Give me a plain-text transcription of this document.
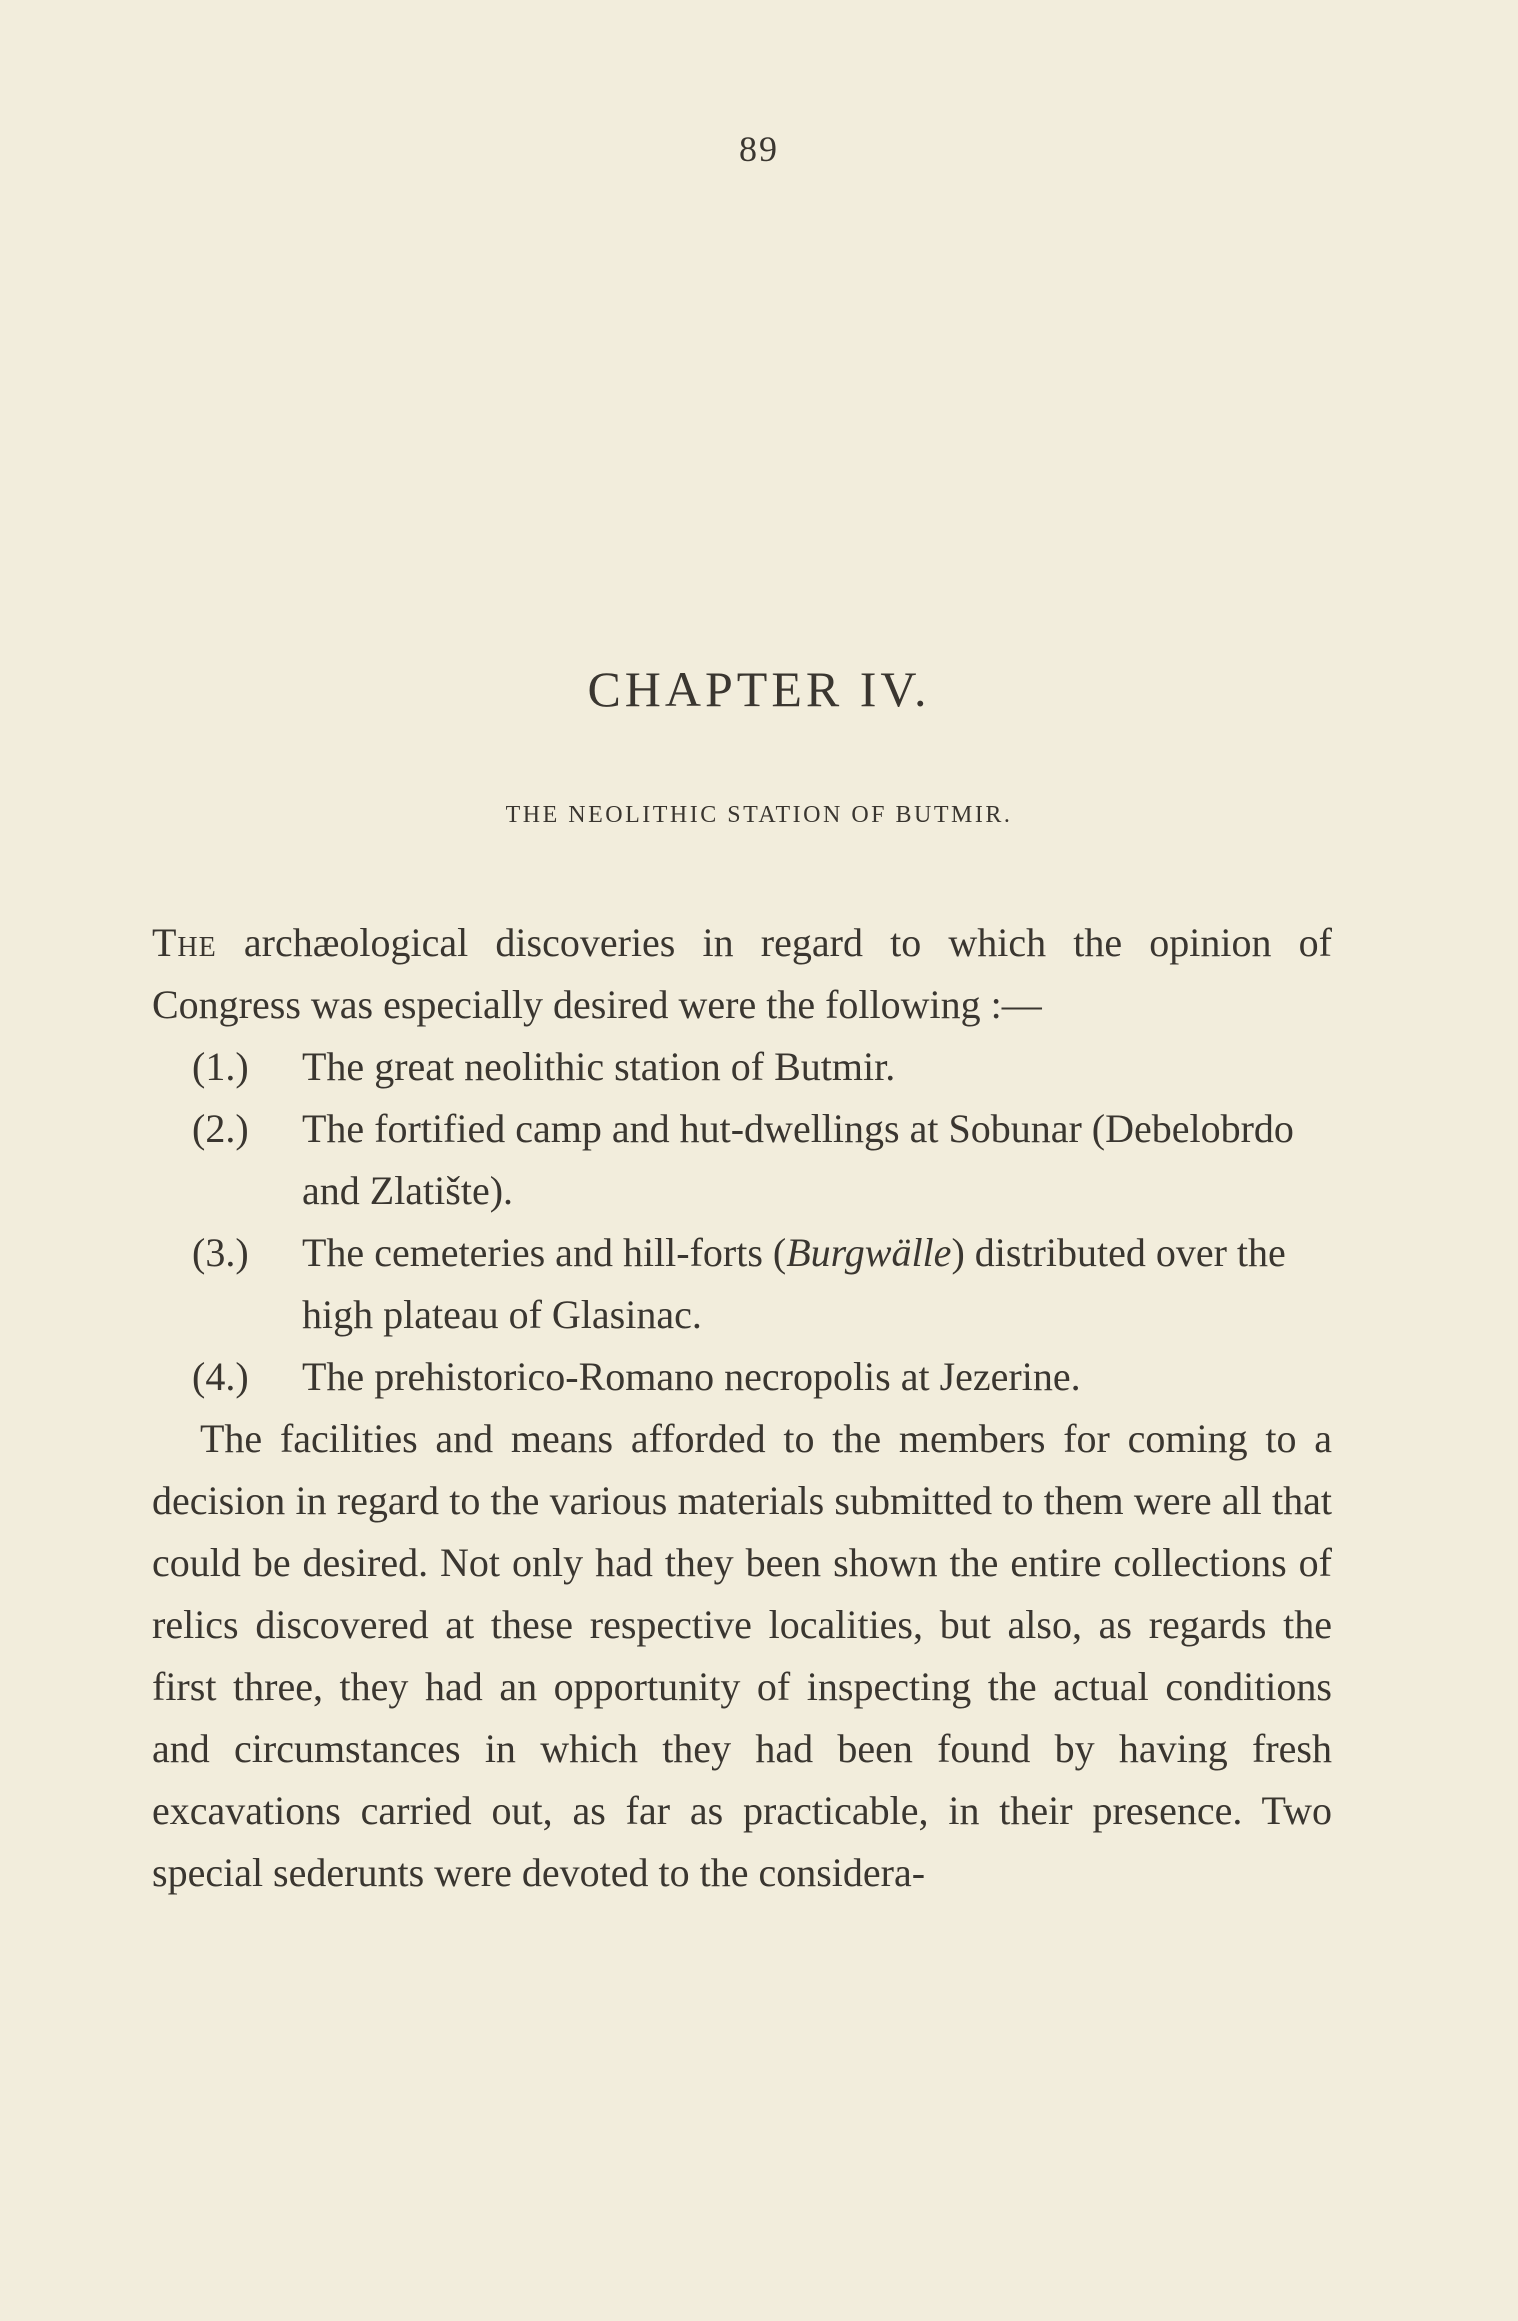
89
CHAPTER IV.
THE NEOLITHIC STATION OF BUTMIR.

The archæological discoveries in regard to which the opinion of Congress was especially desired were the following :—

(1.)	The great neolithic station of Butmir.
(2.)	The fortified camp and hut-dwellings at Sobunar (Debelobrdo and Zlatište).
(3.)	The cemeteries and hill-forts (Burgwälle) distributed over the high plateau of Glasinac.
(4.)	The prehistorico-Romano necropolis at Jezerine.

The facilities and means afforded to the members for coming to a decision in regard to the various materials submitted to them were all that could be desired. Not only had they been shown the entire collections of relics discovered at these respective localities, but also, as regards the first three, they had an opportunity of inspecting the actual conditions and circumstances in which they had been found by having fresh excavations carried out, as far as practicable, in their presence. Two special sederunts were devoted to the considera-
